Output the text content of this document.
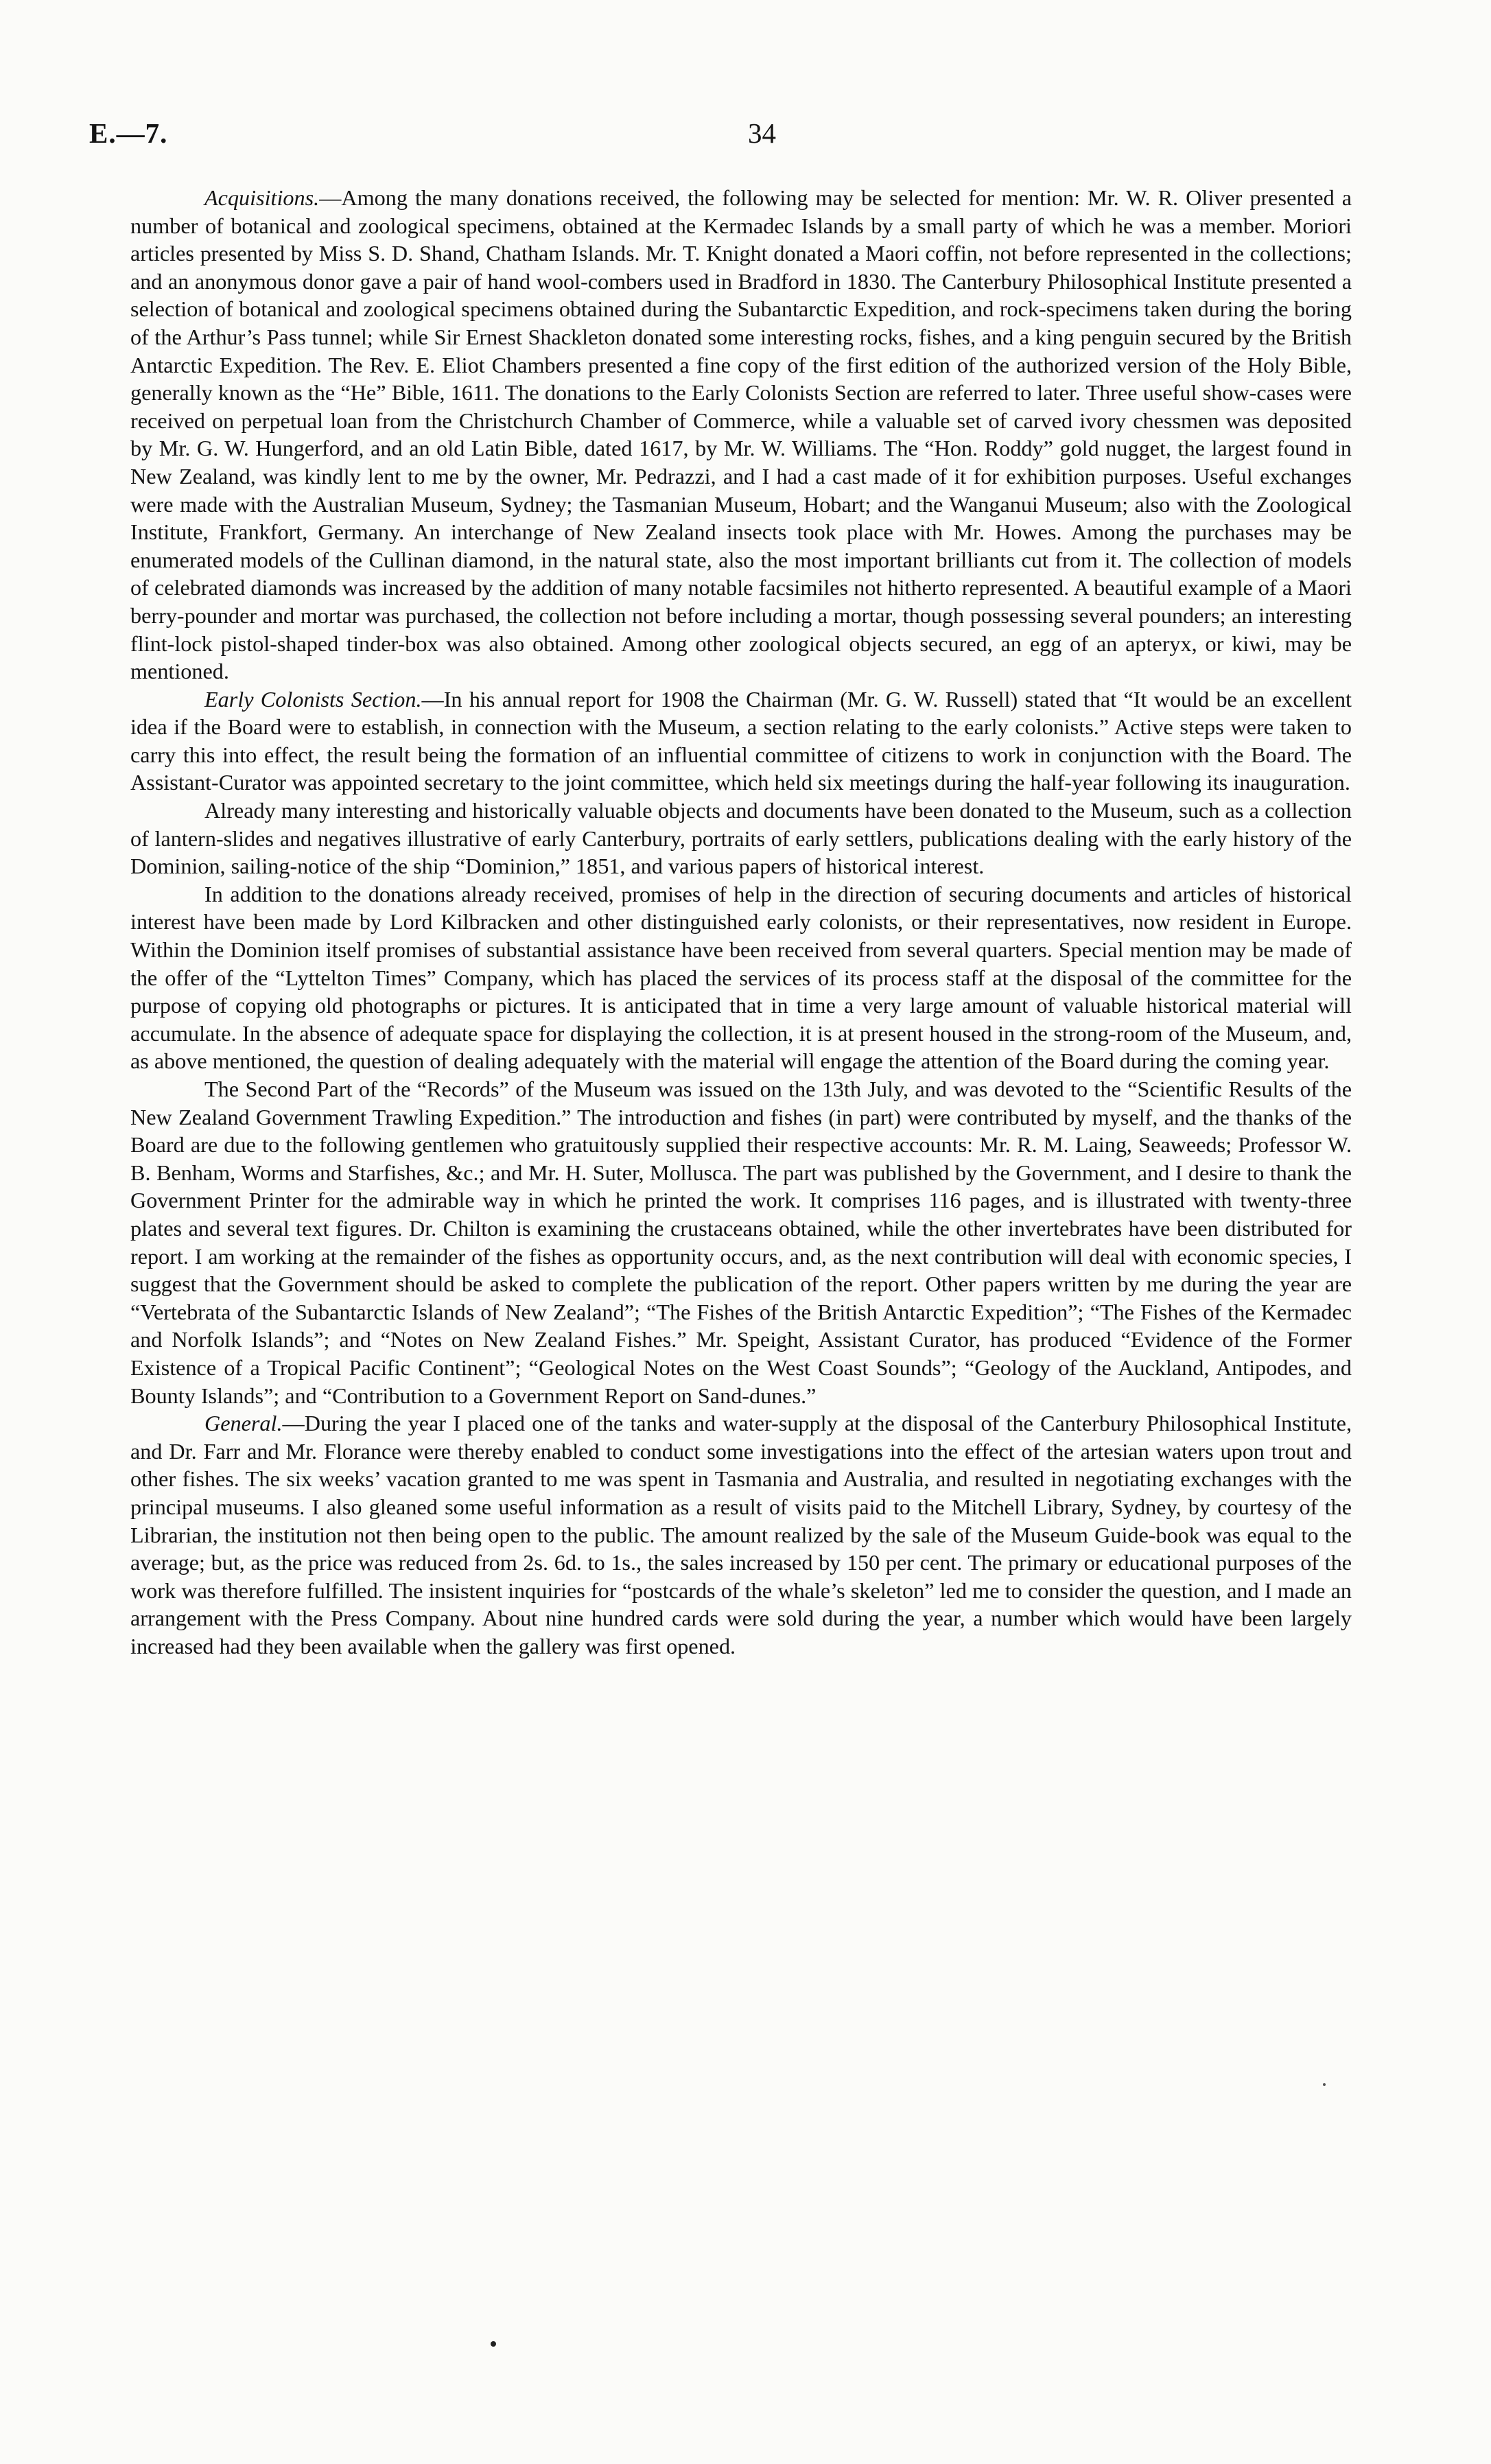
E.—7.	34

Acquisitions.—Among the many donations received, the following may be selected for mention: Mr. W. R. Oliver presented a number of botanical and zoological specimens, obtained at the Kermadec Islands by a small party of which he was a member. Moriori articles presented by Miss S. D. Shand, Chatham Islands. Mr. T. Knight donated a Maori coffin, not before represented in the collections; and an anonymous donor gave a pair of hand wool-combers used in Bradford in 1830. The Canterbury Philosophical Institute presented a selection of botanical and zoological specimens obtained during the Subantarctic Expedition, and rock-specimens taken during the boring of the Arthur’s Pass tunnel; while Sir Ernest Shackleton donated some interesting rocks, fishes, and a king penguin secured by the British Antarctic Expedition. The Rev. E. Eliot Chambers presented a fine copy of the first edition of the authorized version of the Holy Bible, generally known as the “He” Bible, 1611. The donations to the Early Colonists Section are referred to later. Three useful show-cases were received on perpetual loan from the Christchurch Chamber of Commerce, while a valuable set of carved ivory chessmen was deposited by Mr. G. W. Hungerford, and an old Latin Bible, dated 1617, by Mr. W. Williams. The “Hon. Roddy” gold nugget, the largest found in New Zealand, was kindly lent to me by the owner, Mr. Pedrazzi, and I had a cast made of it for exhibition purposes. Useful exchanges were made with the Australian Museum, Sydney; the Tasmanian Museum, Hobart; and the Wanganui Museum; also with the Zoological Institute, Frankfort, Germany. An interchange of New Zealand insects took place with Mr. Howes. Among the purchases may be enumerated models of the Cullinan diamond, in the natural state, also the most important brilliants cut from it. The collection of models of celebrated diamonds was increased by the addition of many notable facsimiles not hitherto represented. A beautiful example of a Maori berry-pounder and mortar was purchased, the collection not before including a mortar, though possessing several pounders; an interesting flint-lock pistol-shaped tinder-box was also obtained. Among other zoological objects secured, an egg of an apteryx, or kiwi, may be mentioned.

Early Colonists Section.—In his annual report for 1908 the Chairman (Mr. G. W. Russell) stated that “It would be an excellent idea if the Board were to establish, in connection with the Museum, a section relating to the early colonists.” Active steps were taken to carry this into effect, the result being the formation of an influential committee of citizens to work in conjunction with the Board. The Assistant-Curator was appointed secretary to the joint committee, which held six meetings during the half-year following its inauguration.

Already many interesting and historically valuable objects and documents have been donated to the Museum, such as a collection of lantern-slides and negatives illustrative of early Canterbury, portraits of early settlers, publications dealing with the early history of the Dominion, sailing-notice of the ship “Dominion,” 1851, and various papers of historical interest.

In addition to the donations already received, promises of help in the direction of securing documents and articles of historical interest have been made by Lord Kilbracken and other distinguished early colonists, or their representatives, now resident in Europe. Within the Dominion itself promises of substantial assistance have been received from several quarters. Special mention may be made of the offer of the “Lyttelton Times” Company, which has placed the services of its process staff at the disposal of the committee for the purpose of copying old photographs or pictures. It is anticipated that in time a very large amount of valuable historical material will accumulate. In the absence of adequate space for displaying the collection, it is at present housed in the strong-room of the Museum, and, as above mentioned, the question of dealing adequately with the material will engage the attention of the Board during the coming year.

The Second Part of the “Records” of the Museum was issued on the 13th July, and was devoted to the “Scientific Results of the New Zealand Government Trawling Expedition.” The introduction and fishes (in part) were contributed by myself, and the thanks of the Board are due to the following gentlemen who gratuitously supplied their respective accounts: Mr. R. M. Laing, Seaweeds; Professor W. B. Benham, Worms and Starfishes, &c.; and Mr. H. Suter, Mollusca. The part was published by the Government, and I desire to thank the Government Printer for the admirable way in which he printed the work. It comprises 116 pages, and is illustrated with twenty-three plates and several text figures. Dr. Chilton is examining the crustaceans obtained, while the other invertebrates have been distributed for report. I am working at the remainder of the fishes as opportunity occurs, and, as the next contribution will deal with economic species, I suggest that the Government should be asked to complete the publication of the report. Other papers written by me during the year are “Vertebrata of the Subantarctic Islands of New Zealand”; “The Fishes of the British Antarctic Expedition”; “The Fishes of the Kermadec and Norfolk Islands”; and “Notes on New Zealand Fishes.” Mr. Speight, Assistant Curator, has produced “Evidence of the Former Existence of a Tropical Pacific Continent”; “Geological Notes on the West Coast Sounds”; “Geology of the Auckland, Antipodes, and Bounty Islands”; and “Contribution to a Government Report on Sand-dunes.”

General.—During the year I placed one of the tanks and water-supply at the disposal of the Canterbury Philosophical Institute, and Dr. Farr and Mr. Florance were thereby enabled to conduct some investigations into the effect of the artesian waters upon trout and other fishes. The six weeks’ vacation granted to me was spent in Tasmania and Australia, and resulted in negotiating exchanges with the principal museums. I also gleaned some useful information as a result of visits paid to the Mitchell Library, Sydney, by courtesy of the Librarian, the institution not then being open to the public. The amount realized by the sale of the Museum Guide-book was equal to the average; but, as the price was reduced from 2s. 6d. to 1s., the sales increased by 150 per cent. The primary or educational purposes of the work was therefore fulfilled. The insistent inquiries for “postcards of the whale’s skeleton” led me to consider the question, and I made an arrangement with the Press Company. About nine hundred cards were sold during the year, a number which would have been largely increased had they been available when the gallery was first opened.
